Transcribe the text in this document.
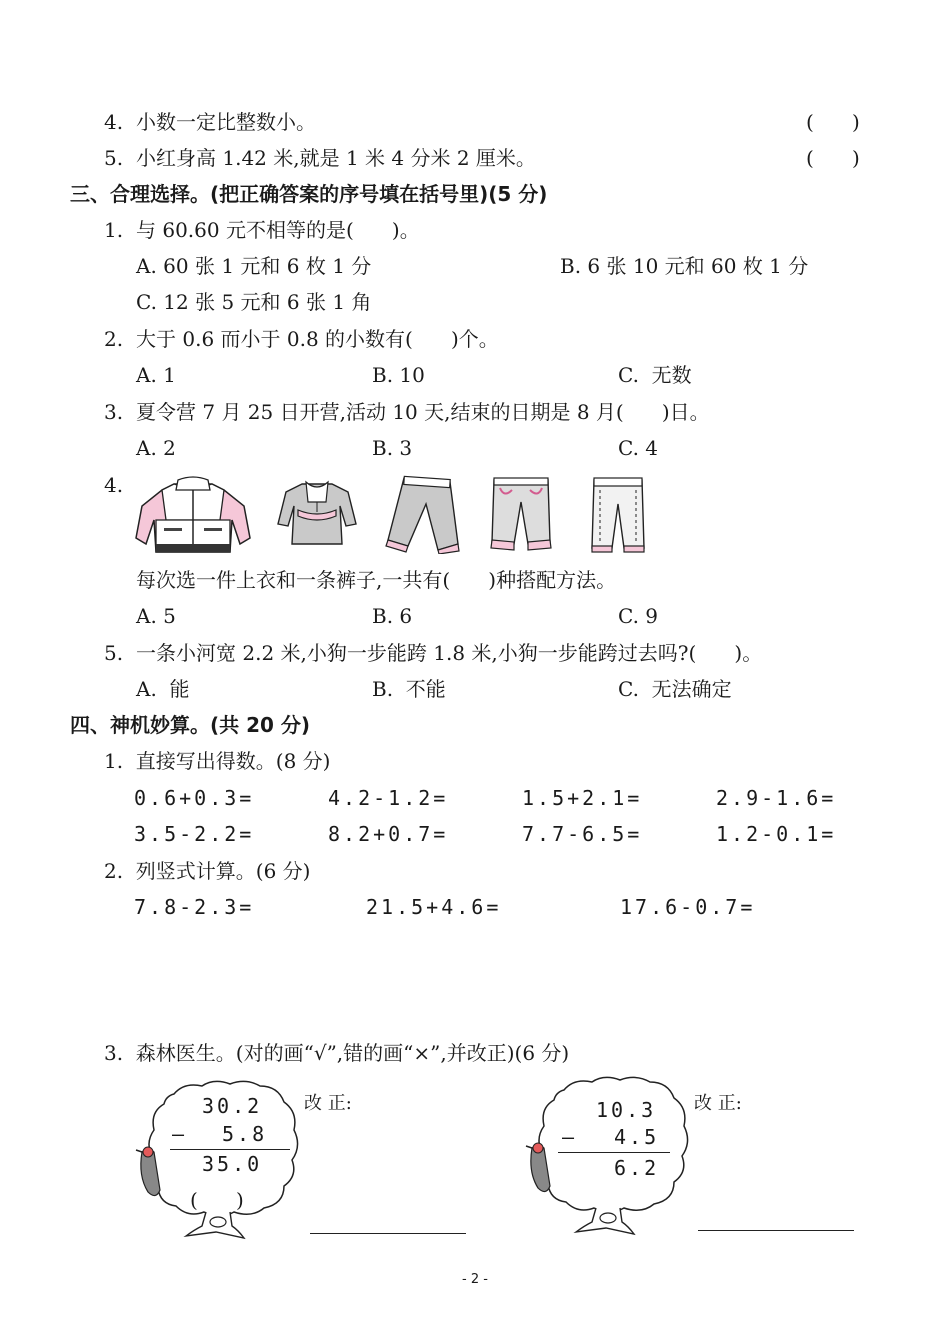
4. 小数一定比整数小。	(      )
5. 小红身高 1.42 米,就是 1 米 4 分米 2 厘米。	(      )
三、合理选择。(把正确答案的序号填在括号里)(5 分)
1. 与 60.60 元不相等的是(      )。
A. 60 张 1 元和 6 枚 1 分	B. 6 张 10 元和 60 枚 1 分
C. 12 张 5 元和 6 张 1 角
2. 大于 0.6 而小于 0.8 的小数有(      )个。
A. 1	B. 10	C.  无数
3. 夏令营 7 月 25 日开营,活动 10 天,结束的日期是 8 月(      )日。
A. 2	B. 3	C. 4
4.
每次选一件上衣和一条裤子,一共有(      )种搭配方法。
A. 5	B. 6	C. 9
5. 一条小河宽 2.2 米,小狗一步能跨 1.8 米,小狗一步能跨过去吗?(      )。
A.  能	B.  不能	C.  无法确定
四、神机妙算。(共 20 分)
1.  直接写出得数。(8 分)
0.6+0.3=	4.2-1.2=	1.5+2.1=	2.9-1.6=
3.5-2.2=	8.2+0.7=	7.7-6.5=	1.2-0.1=
2.  列竖式计算。(6 分)
7.8-2.3=	21.5+4.6=	17.6-0.7=
3.  森林医生。(对的画“√”,错的画“×”,并改正)(6 分)
30.2
— 5.8
35.0
(      )
改 正:	10.3
— 4.5
6.2
改 正:
- 2 -
